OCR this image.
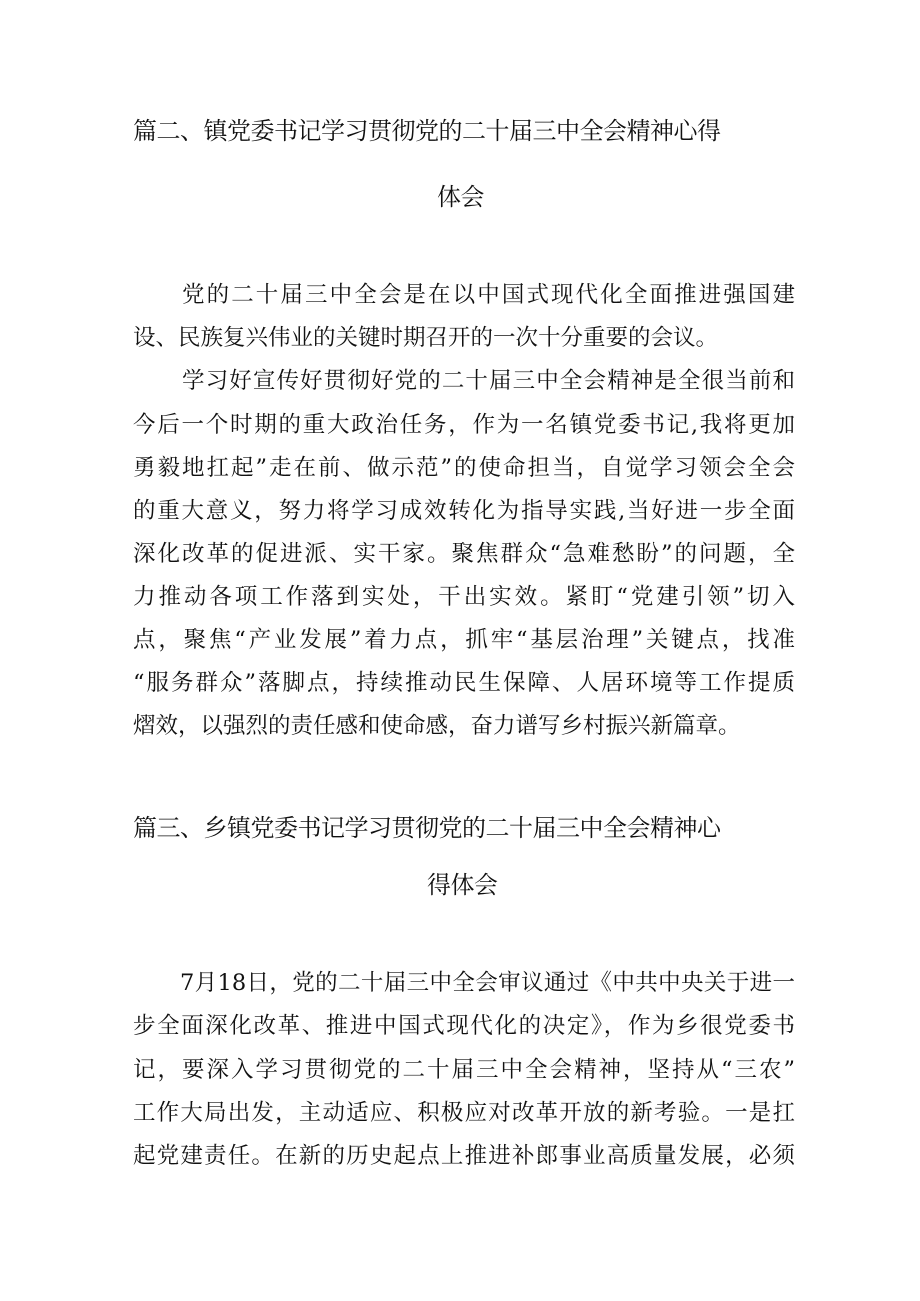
篇二、镇党委书记学习贯彻党的二十届三中全会精神心得
体会
党的二十届三中全会是在以中国式现代化全面推进强国建
设、民族复兴伟业的关键时期召开的一次十分重要的会议。
学习好宣传好贯彻好党的二十届三中全会精神是全很当前和
今后一个时期的重大政治任务，作为一名镇党委书记,我将更加
勇毅地扛起”走在前、做示范”的使命担当，自觉学习领会全会
的重大意义，努力将学习成效转化为指导实践,当好进一步全面
深化改革的促进派、实干家。聚焦群众“急难愁盼”的问题，全
力推动各项工作落到实处，干出实效。紧盯“党建引领”切入
点，聚焦“产业发展”着力点，抓牢“基层治理”关键点，找准
“服务群众”落脚点，持续推动民生保障、人居环境等工作提质
熠效，以强烈的责任感和使命感，奋力谱写乡村振兴新篇章。
篇三、乡镇党委书记学习贯彻党的二十届三中全会精神心
得体会
7月18日，党的二十届三中全会审议通过《中共中央关于进一
步全面深化改革、推进中国式现代化的决定》，作为乡很党委书
记，要深入学习贯彻党的二十届三中全会精神，坚持从“三农”
工作大局出发，主动适应、积极应对改革开放的新考验。一是扛
起党建责任。在新的历史起点上推进补郎事业高质量发展，必须
